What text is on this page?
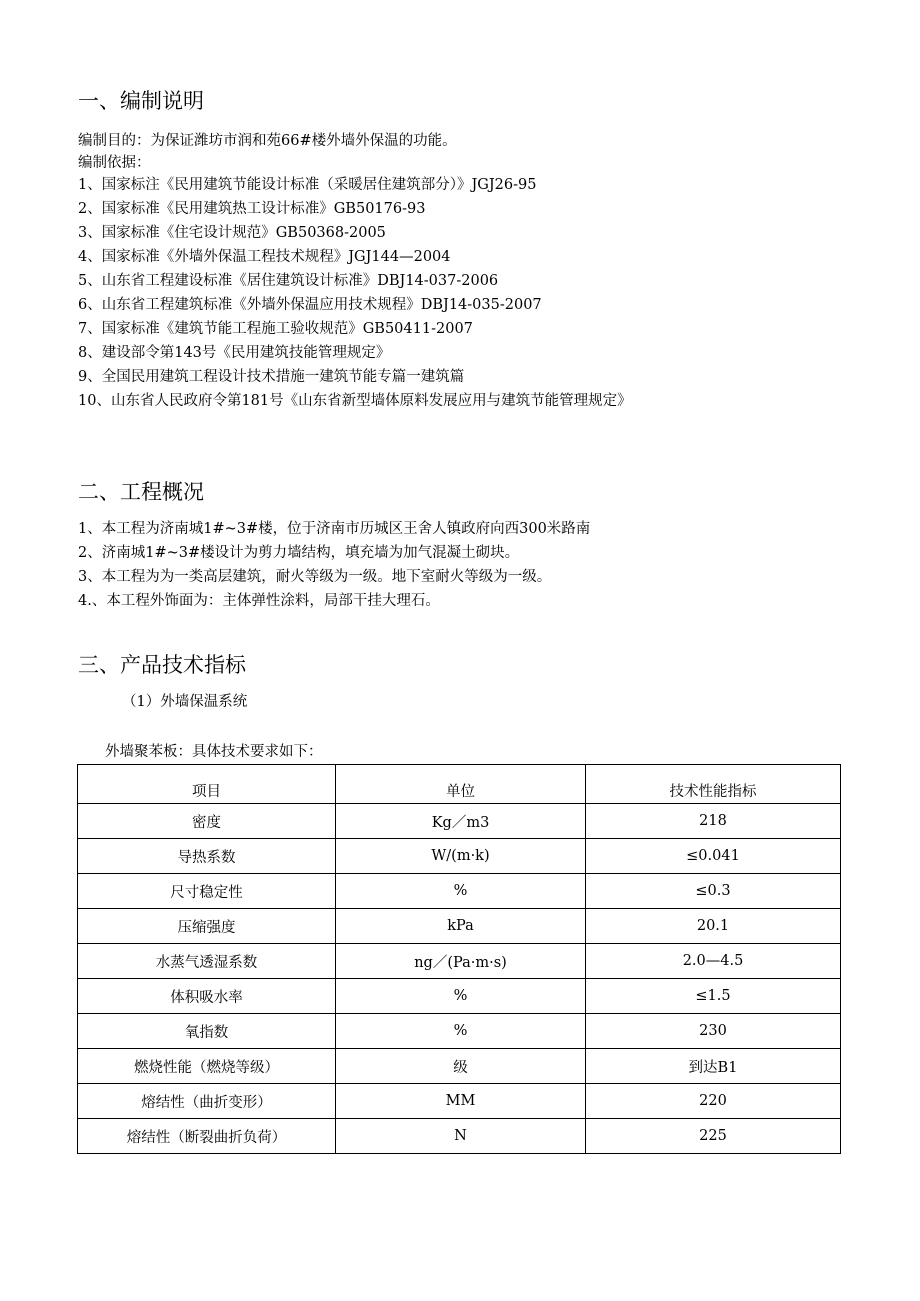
一、编制说明

编制目的：为保证潍坊市润和苑66#楼外墙外保温的功能。

编制依据：

1、国家标注《民用建筑节能设计标准（采暖居住建筑部分）》JGJ26-95

2、国家标准《民用建筑热工设计标准》GB50176-93

3、国家标准《住宅设计规范》GB50368-2005

4、国家标准《外墙外保温工程技术规程》JGJ144—2004

5、山东省工程建设标准《居住建筑设计标准》DBJ14-037-2006

6、山东省工程建筑标准《外墙外保温应用技术规程》DBJ14-035-2007

7、国家标准《建筑节能工程施工验收规范》GB50411-2007

8、建设部令第143号《民用建筑技能管理规定》

9、全国民用建筑工程设计技术措施一建筑节能专篇一建筑篇

10、山东省人民政府令第181号《山东省新型墙体原料发展应用与建筑节能管理规定》

二、工程概况

1、本工程为济南城1#~3#楼，位于济南市历城区王舍人镇政府向西300米路南

2、济南城1#~3#楼设计为剪力墙结构，填充墙为加气混凝土砌块。

3、本工程为为一类高层建筑，耐火等级为一级。地下室耐火等级为一级。

4.、本工程外饰面为：主体弹性涂料，局部干挂大理石。

三、产品技术指标

（1）外墙保温系统

外墙聚苯板：具体技术要求如下：

项目	单位	技术性能指标
密度	Kg／m3	218
导热系数	W/(m·k)	≤0.041
尺寸稳定性	%	≤0.3
压缩强度	kPa	20.1
水蒸气透湿系数	ng／(Pa·m·s)	2.0—4.5
体积吸水率	%	≤1.5
氧指数	%	230
燃烧性能（燃烧等级）	级	到达B1
熔结性（曲折变形）	MM	220
熔结性（断裂曲折负荷）	N	225
